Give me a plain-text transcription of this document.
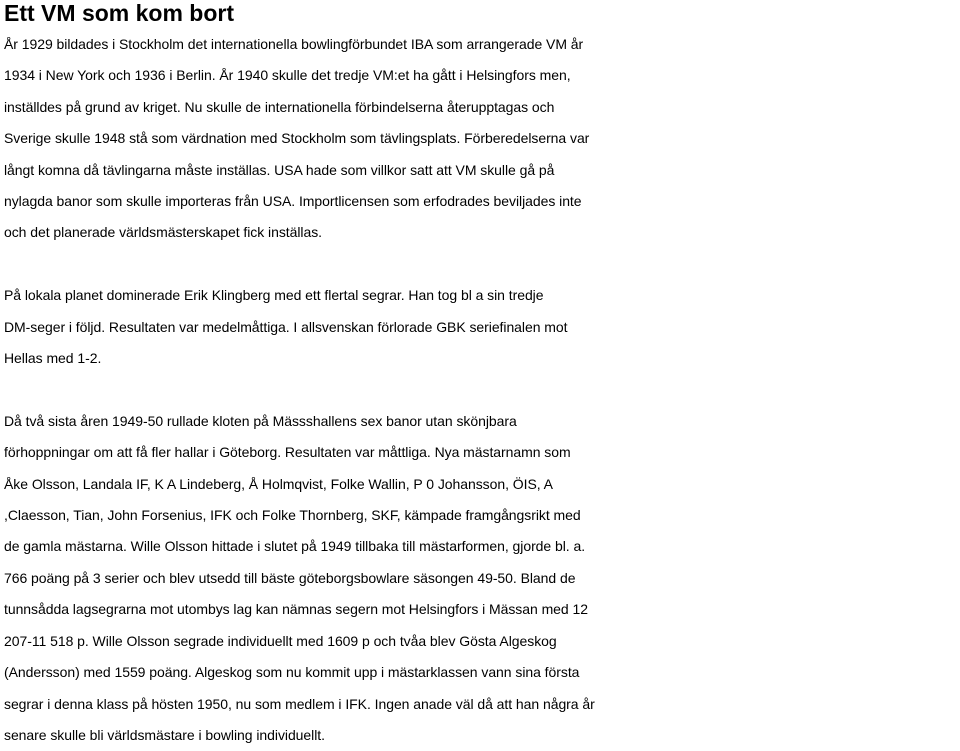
Ett VM som kom bort
År 1929 bildades i Stockholm det internationella bowlingförbundet IBA som arrangerade VM år
1934 i New York och 1936 i Berlin. År 1940 skulle det tredje VM:et ha gått i Helsingfors men,
inställdes på grund av kriget. Nu skulle de internationella förbindelserna återupptagas och
Sverige skulle 1948 stå som värdnation med Stockholm som tävlingsplats. Förberedelserna var
långt komna då tävlingarna måste inställas. USA hade som villkor satt att VM skulle gå på
nylagda banor som skulle importeras från USA. Importlicensen som erfodrades beviljades inte
och det planerade världsmästerskapet fick inställas.
På lokala planet dominerade Erik Klingberg med ett flertal segrar. Han tog bl a sin tredje
DM-seger i följd. Resultaten var medelmåttiga. I allsvenskan förlorade GBK seriefinalen mot
Hellas med 1-2.
Då två sista åren 1949-50 rullade kloten på Mässshallens sex banor utan skönjbara
förhoppningar om att få fler hallar i Göteborg. Resultaten var måttliga. Nya mästarnamn som
Åke Olsson, Landala IF, K A Lindeberg, Å Holmqvist, Folke Wallin, P 0 Johansson, ÖIS, A
,Claesson, Tian, John Forsenius, IFK och Folke Thornberg, SKF, kämpade framgångsrikt med
de gamla mästarna. Wille Olsson hittade i slutet på 1949 tillbaka till mästarformen, gjorde bl. a.
766 poäng på 3 serier och blev utsedd till bäste göteborgsbowlare säsongen 49-50. Bland de
tunnsådda lagsegrarna mot utombys lag kan nämnas segern mot Helsingfors i Mässan med 12
207-11 518 p. Wille Olsson segrade individuellt med 1609 p och tvåa blev Gösta Algeskog
(Andersson) med 1559 poäng. Algeskog som nu kommit upp i mästarklassen vann sina första
segrar i denna klass på hösten 1950, nu som medlem i IFK. Ingen anade väl då att han några år
senare skulle bli världsmästare i bowling individuellt.
